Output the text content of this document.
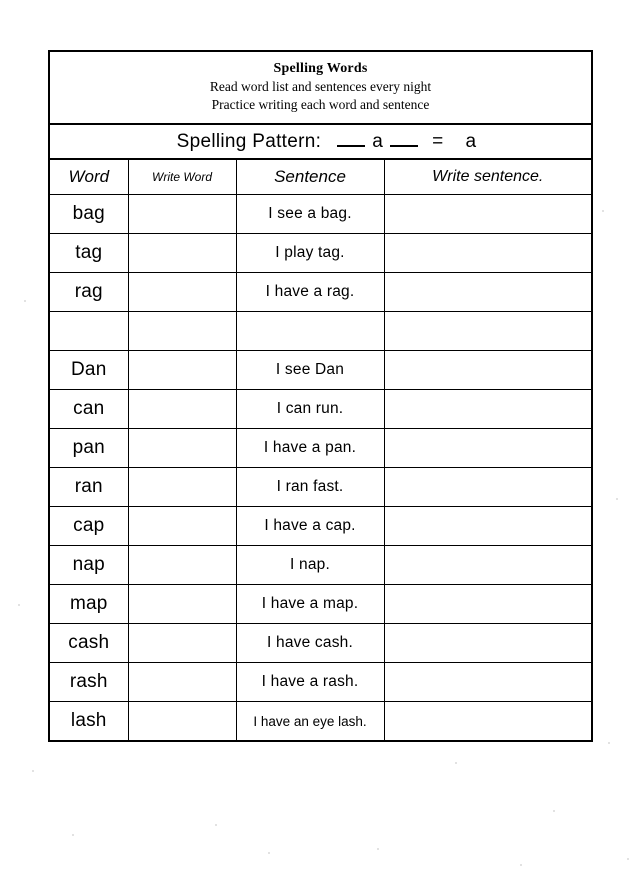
Spelling Words
Read word list and sentences every night
Practice writing each word and sentence
Spelling Pattern:	a	= a
Word	Write Word	Sentence	Write sentence.
bag		I see a bag.	
tag		I play tag.	
rag		I have a rag.	

Dan		I see Dan	
can		I can run.	
pan		I have a pan.	
ran		I ran fast.	
cap		I have a cap.	
nap		I nap.	
map		I have a map.	
cash		I have cash.	
rash		I have a rash.	
lash		I have an eye lash.	
